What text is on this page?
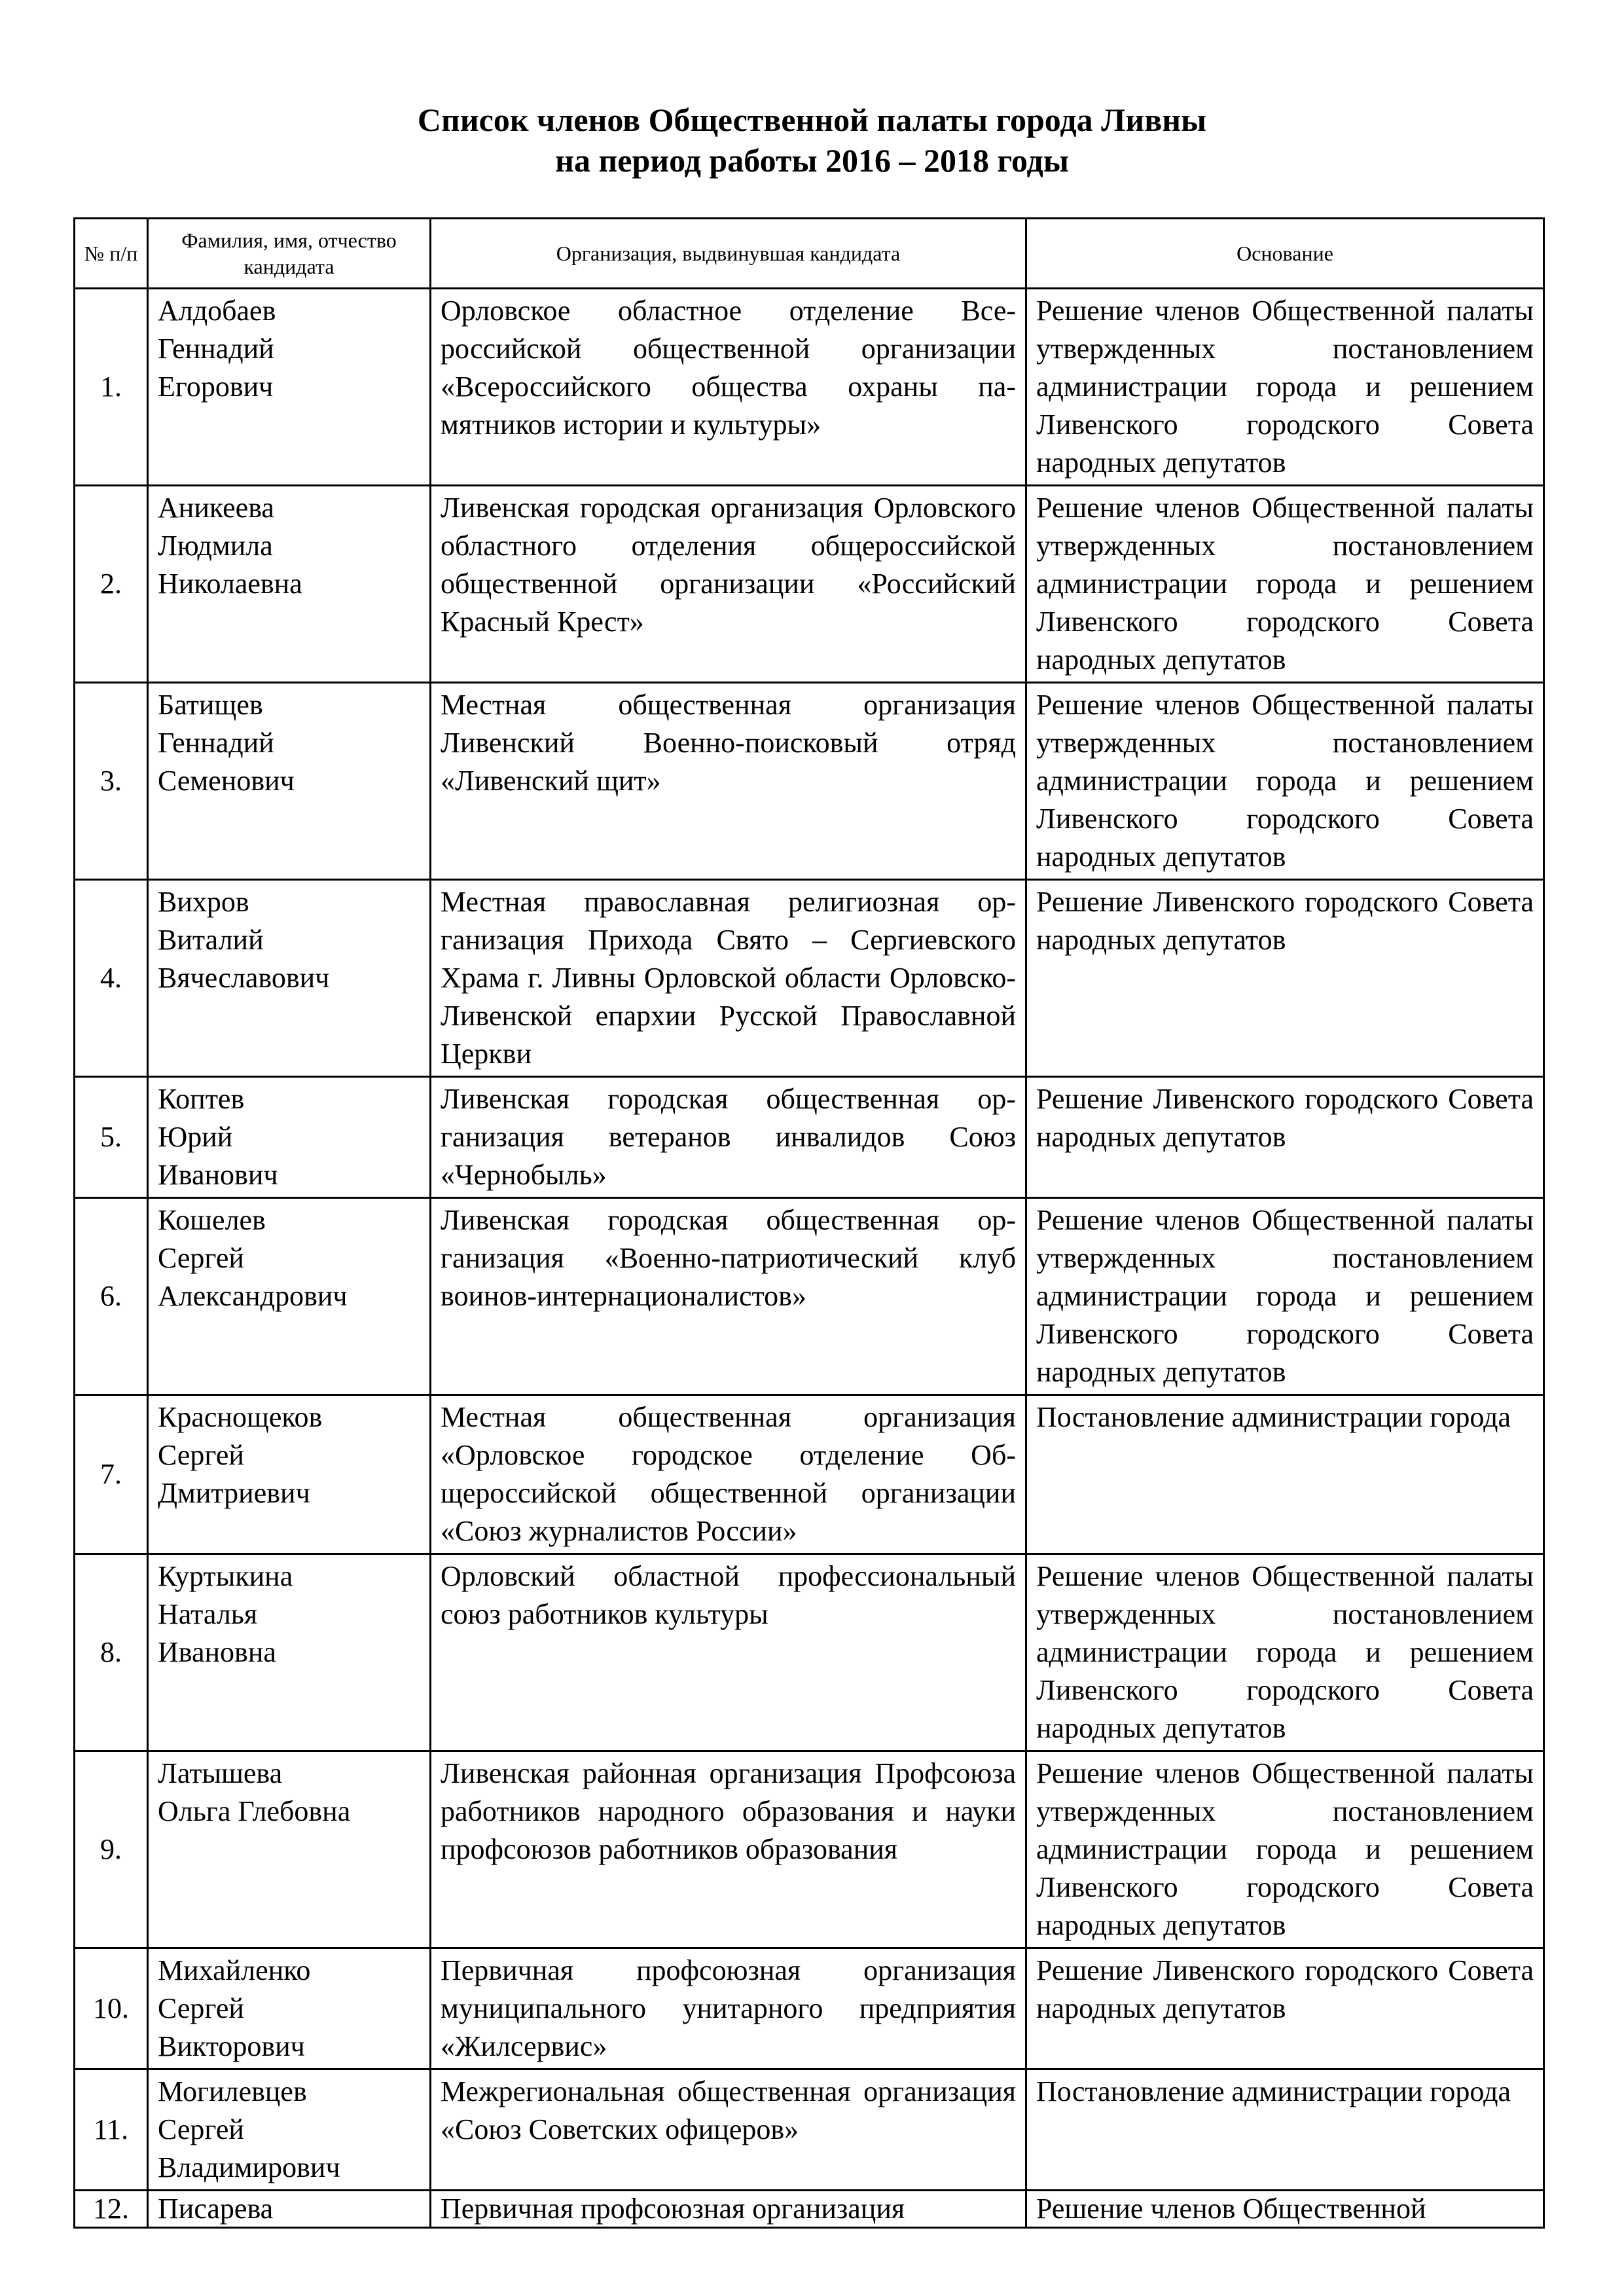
Список членов Общественной палаты города Ливны
на период работы 2016 – 2018 годы
№ п/п	Фамилия, имя, отчество кандидата	Организация, выдвинувшая кандидата	Основание
1.	Алдобаев
Геннадий
Егорович	Орловское областное отделение Всероссийской общественной организации «Всероссийского общества охраны памятников истории и культуры»	Решение членов Общественной палаты утвержденных постановлением администрации города и решением Ливенского городского Совета народных депутатов
2.	Аникеева
Людмила
Николаевна	Ливенская городская организация Орловского областного отделения общероссийской общественной организации «Российский Красный Крест»	Решение членов Общественной палаты утвержденных постановлением администрации города и решением Ливенского городского Совета народных депутатов
3.	Батищев
Геннадий
Семенович	Местная общественная организация Ливенский Военно-поисковый отряд «Ливенский щит»	Решение членов Общественной палаты утвержденных постановлением администрации города и решением Ливенского городского Совета народных депутатов
4.	Вихров
Виталий
Вячеславович	Местная православная религиозная организация Прихода Свято – Сергиевского Храма г. Ливны Орловской области Орловско-Ливенской епархии Русской Православной Церкви	Решение Ливенского городского Совета народных депутатов
5.	Коптев
Юрий
Иванович	Ливенская городская общественная организация ветеранов инвалидов Союз «Чернобыль»	Решение Ливенского городского Совета народных депутатов
6.	Кошелев
Сергей
Александрович	Ливенская городская общественная организация «Военно-патриотический клуб воинов-интернационалистов»	Решение членов Общественной палаты утвержденных постановлением администрации города и решением Ливенского городского Совета народных депутатов
7.	Краснощеков
Сергей
Дмитриевич	Местная общественная организация «Орловское городское отделение Общероссийской общественной организации «Союз журналистов России»	Постановление администрации города
8.	Куртыкина
Наталья
Ивановна	Орловский областной профессиональный союз работников культуры	Решение членов Общественной палаты утвержденных постановлением администрации города и решением Ливенского городского Совета народных депутатов
9.	Латышева
Ольга Глебовна	Ливенская районная организация Профсоюза работников народного образования и науки профсоюзов работников образования	Решение членов Общественной палаты утвержденных постановлением администрации города и решением Ливенского городского Совета народных депутатов
10.	Михайленко
Сергей
Викторович	Первичная профсоюзная организация муниципального унитарного предприятия «Жилсервис»	Решение Ливенского городского Совета народных депутатов
11.	Могилевцев
Сергей
Владимирович	Межрегиональная общественная организация «Союз Советских офицеров»	Постановление администрации города
12.	Писарева	Первичная профсоюзная организация	Решение членов Общественной
